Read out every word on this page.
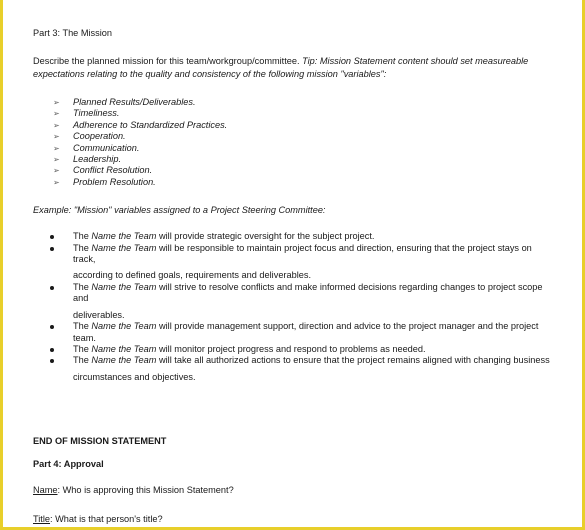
Part 3: The Mission

Describe the planned mission for this team/workgroup/committee. Tip: Mission Statement content should set measureable expectations relating to the quality and consistency of the following mission "variables":

➢ Planned Results/Deliverables.
➢ Timeliness.
➢ Adherence to Standardized Practices.
➢ Cooperation.
➢ Communication.
➢ Leadership.
➢ Conflict Resolution.
➢ Problem Resolution.

Example: "Mission" variables assigned to a Project Steering Committee:

The Name the Team will provide strategic oversight for the subject project.
The Name the Team will be responsible to maintain project focus and direction, ensuring that the project stays on track,
according to defined goals, requirements and deliverables.
The Name the Team will strive to resolve conflicts and make informed decisions regarding changes to project scope and
deliverables.
The Name the Team will provide management support, direction and advice to the project manager and the project team.
The Name the Team will monitor project progress and respond to problems as needed.
The Name the Team will take all authorized actions to ensure that the project remains aligned with changing business
circumstances and objectives.

END OF MISSION STATEMENT

Part 4: Approval

Name: Who is approving this Mission Statement?

Title: What is that person's title?
